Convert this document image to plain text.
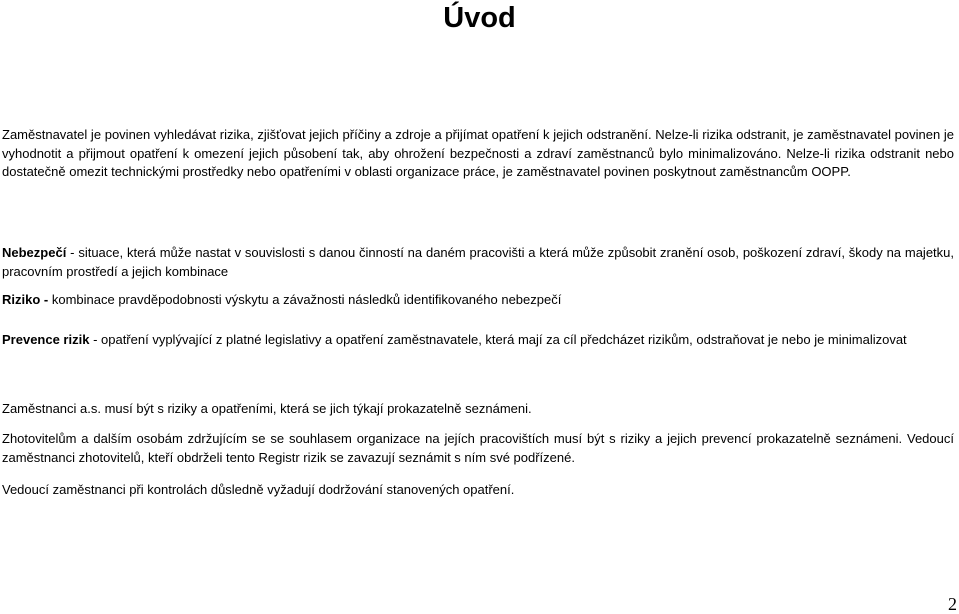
Úvod

Zaměstnavatel je povinen vyhledávat rizika, zjišťovat jejich příčiny a zdroje a přijímat opatření k jejich odstranění. Nelze-li rizika odstranit, je zaměstnavatel povinen je vyhodnotit a přijmout opatření k omezení jejich působení tak, aby ohrožení bezpečnosti a zdraví zaměstnanců bylo minimalizováno. Nelze-li rizika odstranit nebo dostatečně omezit technickými prostředky nebo opatřeními v oblasti organizace práce, je zaměstnavatel povinen poskytnout zaměstnancům OOPP.

Nebezpečí - situace, která může nastat v souvislosti s danou činností na daném pracovišti a která může způsobit zranění osob, poškození zdraví, škody na majetku, pracovním prostředí a jejich kombinace

Riziko - kombinace pravděpodobnosti výskytu a závažnosti následků identifikovaného nebezpečí

Prevence rizik - opatření vyplývající z platné legislativy a opatření zaměstnavatele, která mají za cíl předcházet rizikům, odstraňovat je nebo je minimalizovat

Zaměstnanci a.s. musí být s riziky a opatřeními, která se jich týkají prokazatelně seznámeni.

Zhotovitelům a dalším osobám zdržujícím se se souhlasem organizace na jejích pracovištích musí být s riziky a jejich prevencí prokazatelně seznámeni. Vedoucí zaměstnanci zhotovitelů, kteří obdrželi tento Registr rizik se zavazují seznámit s ním své podřízené.

Vedoucí zaměstnanci při kontrolách důsledně vyžadují dodržování stanovených opatření.

2
